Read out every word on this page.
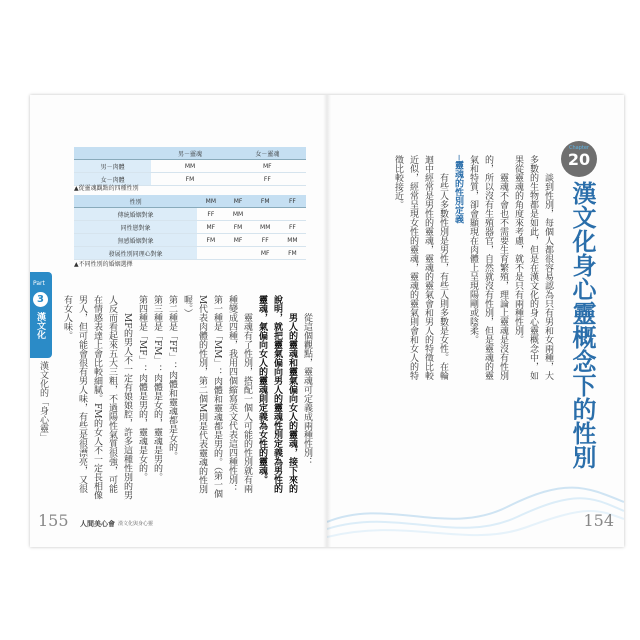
Part
3
漢文化
漢文化的「身心靈」
	男－靈魂	女－靈魂
男－肉體	MM	MF
女－肉體	FM	FF
▲從靈魂觀點的四種性別
性別	MM	MF	FM	FF
傳統婚姻對象	FF	MM		
同性戀對象	MF	FM	MM	FF
無感婚姻對象	FM	MF	FF	MM
發展性別同理心對象			MF	FM
▲不同性別的婚姻選擇

從這個觀點，靈魂可定義成兩種性別：

男人的靈魂和靈氣偏向女人的靈魂，接下來的說明，就把靈氣偏向男人的靈魂性別定義為男性的靈魂，氣偏向女人的靈魂則定義為女性的靈魂。

靈魂有了性別，搭配一個人可能的性別就有兩種變成四種，我用四個縮寫英文代表這四種性別：

第一種是「MM」：肉體和靈魂都是男的。（第一個M代表肉體的性別，第二個M則是代表靈魂的性別喔。）

第二種是「FF」：肉體和靈魂都是女的。

第三種是「FM」：肉體是女的，靈魂是男的。

第四種是「MF」：肉體是男的，靈魂是女的。

MF的男人不一定有娘娘腔，許多這種性別的男人反而看起來五大三粗，不過陽性氣質很強，可能在情感表達上會比較細膩。FM的女人不一定長相像男人，但可能會很有男人味，有些是很漂亮，又很有女人味。

155 人間美心會 漢文化與身心靈
Chapter
20
漢文化身心靈概念下的性別

談到性別，每個人都很容易認為只有男和女兩種，大多數的生物都是如此，但是在漢文化的身心靈概念中，如果從靈魂的角度來考慮，就不是只有兩種性別。

靈魂不會也不需要生育繁殖，理論上靈魂是沒有性別的，所以沒有生殖器官，自然就沒有性別，但是靈魂的靈氣和特質，卻會顯現在肉體上呈現陽剛或陰柔。

─靈魂的性別定義

有些人多數性別是男性，有些人則多數是女性。在輪迴中經常是男性的靈魂，靈魂的靈氣會和男人的特徵比較近似，經常呈現女性的靈魂，靈魂的靈氣則會和女人的特徵比較接近。

154
